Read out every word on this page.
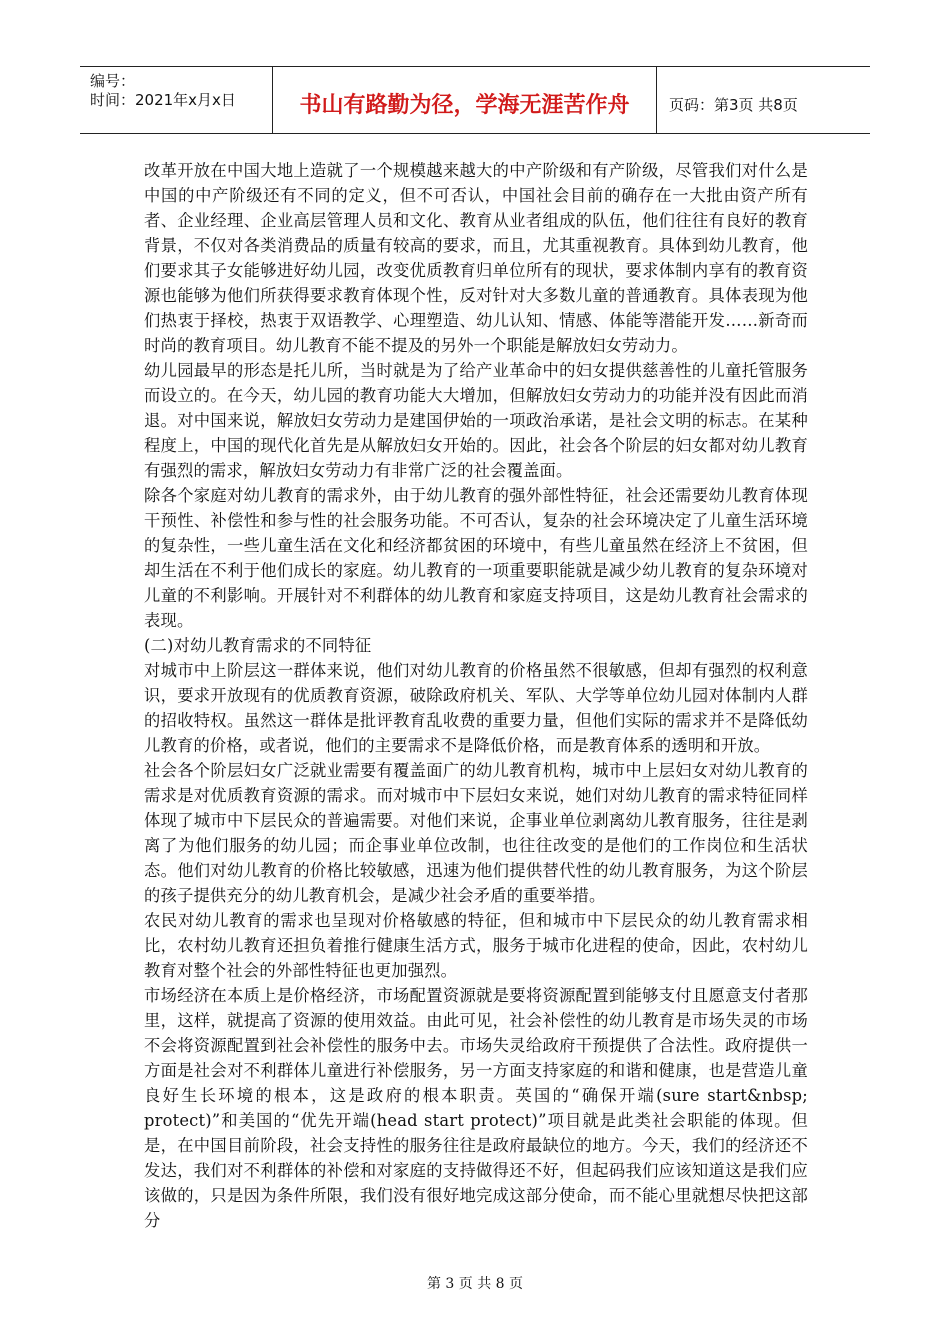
编号：
时间：2021年x月x日	书山有路勤为径，学海无涯苦作舟	页码：第3页 共8页

改革开放在中国大地上造就了一个规模越来越大的中产阶级和有产阶级，尽管我们对什么是中国的中产阶级还有不同的定义，但不可否认，中国社会目前的确存在一大批由资产所有者、企业经理、企业高层管理人员和文化、教育从业者组成的队伍，他们往往有良好的教育背景，不仅对各类消费品的质量有较高的要求，而且，尤其重视教育。具体到幼儿教育，他们要求其子女能够进好幼儿园，改变优质教育归单位所有的现状，要求体制内享有的教育资源也能够为他们所获得要求教育体现个性，反对针对大多数儿童的普通教育。具体表现为他们热衷于择校，热衷于双语教学、心理塑造、幼儿认知、情感、体能等潜能开发……新奇而时尚的教育项目。幼儿教育不能不提及的另外一个职能是解放妇女劳动力。

幼儿园最早的形态是托儿所，当时就是为了给产业革命中的妇女提供慈善性的儿童托管服务而设立的。在今天，幼儿园的教育功能大大增加，但解放妇女劳动力的功能并没有因此而消退。对中国来说，解放妇女劳动力是建国伊始的一项政治承诺，是社会文明的标志。在某种程度上，中国的现代化首先是从解放妇女开始的。因此，社会各个阶层的妇女都对幼儿教育有强烈的需求，解放妇女劳动力有非常广泛的社会覆盖面。

除各个家庭对幼儿教育的需求外，由于幼儿教育的强外部性特征，社会还需要幼儿教育体现干预性、补偿性和参与性的社会服务功能。不可否认，复杂的社会环境决定了儿童生活环境的复杂性，一些儿童生活在文化和经济都贫困的环境中，有些儿童虽然在经济上不贫困，但却生活在不利于他们成长的家庭。幼儿教育的一项重要职能就是减少幼儿教育的复杂环境对儿童的不利影响。开展针对不利群体的幼儿教育和家庭支持项目，这是幼儿教育社会需求的表现。

(二)对幼儿教育需求的不同特征

对城市中上阶层这一群体来说，他们对幼儿教育的价格虽然不很敏感，但却有强烈的权利意识，要求开放现有的优质教育资源，破除政府机关、军队、大学等单位幼儿园对体制内人群的招收特权。虽然这一群体是批评教育乱收费的重要力量，但他们实际的需求并不是降低幼儿教育的价格，或者说，他们的主要需求不是降低价格，而是教育体系的透明和开放。

社会各个阶层妇女广泛就业需要有覆盖面广的幼儿教育机构，城市中上层妇女对幼儿教育的需求是对优质教育资源的需求。而对城市中下层妇女来说，她们对幼儿教育的需求特征同样体现了城市中下层民众的普遍需要。对他们来说，企事业单位剥离幼儿教育服务，往往是剥离了为他们服务的幼儿园；而企事业单位改制，也往往改变的是他们的工作岗位和生活状态。他们对幼儿教育的价格比较敏感，迅速为他们提供替代性的幼儿教育服务，为这个阶层的孩子提供充分的幼儿教育机会，是减少社会矛盾的重要举措。

农民对幼儿教育的需求也呈现对价格敏感的特征，但和城市中下层民众的幼儿教育需求相比，农村幼儿教育还担负着推行健康生活方式，服务于城市化进程的使命，因此，农村幼儿教育对整个社会的外部性特征也更加强烈。

市场经济在本质上是价格经济，市场配置资源就是要将资源配置到能够支付且愿意支付者那里，这样，就提高了资源的使用效益。由此可见，社会补偿性的幼儿教育是市场失灵的市场不会将资源配置到社会补偿性的服务中去。市场失灵给政府干预提供了合法性。政府提供一方面是社会对不利群体儿童进行补偿服务，另一方面支持家庭的和谐和健康，也是营造儿童良好生长环境的根本，这是政府的根本职责。英国的“确保开端(sure start&nbsp; protect)”和美国的“优先开端(head start protect)”项目就是此类社会职能的体现。但是，在中国目前阶段，社会支持性的服务往往是政府最缺位的地方。今天，我们的经济还不发达，我们对不利群体的补偿和对家庭的支持做得还不好，但起码我们应该知道这是我们应该做的，只是因为条件所限，我们没有很好地完成这部分使命，而不能心里就想尽快把这部分

第 3 页 共 8 页
